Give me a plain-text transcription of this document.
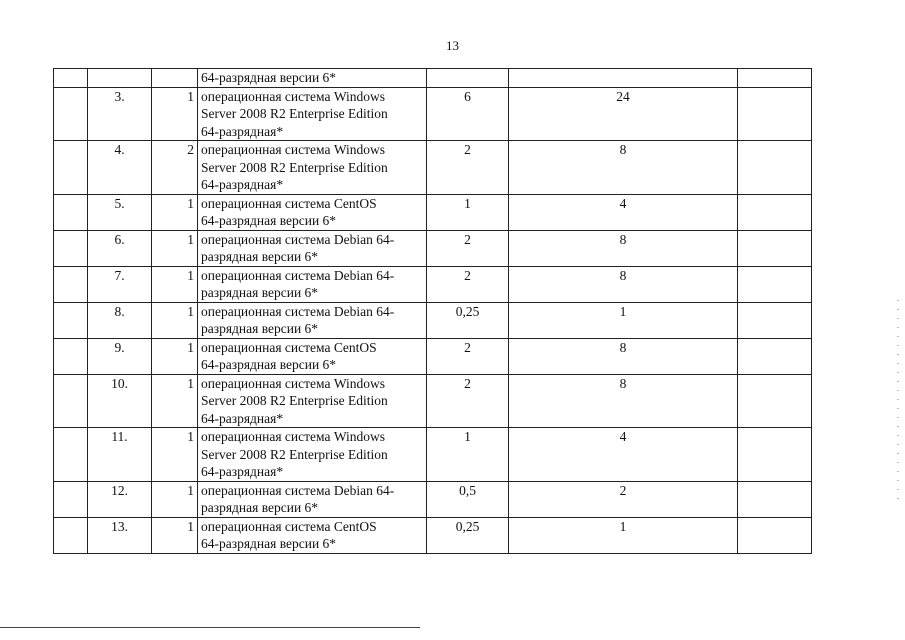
13

			64-разрядная версии 6*			

	3.	1	операционная система Windows
Server 2008 R2 Enterprise Edition
64-разрядная*	6	24	
	4.	2	операционная система Windows
Server 2008 R2 Enterprise Edition
64-разрядная*	2	8	
	5.	1	операционная система CentOS
64-разрядная версии 6*	1	4	
	6.	1	операционная система Debian 64-
разрядная версии 6*	2	8	
	7.	1	операционная система Debian 64-
разрядная версии 6*	2	8	
	8.	1	операционная система Debian 64-
разрядная версии 6*	0,25	1	
	9.	1	операционная система CentOS
64-разрядная версии 6*	2	8	
	10.	1	операционная система Windows
Server 2008 R2 Enterprise Edition
64-разрядная*	2	8	
	11.	1	операционная система Windows
Server 2008 R2 Enterprise Edition
64-разрядная*	1	4	
	12.	1	операционная система Debian 64-
разрядная версии 6*	0,5	2	
	13.	1	операционная система CentOS
64-разрядная версии 6*	0,25	1	
